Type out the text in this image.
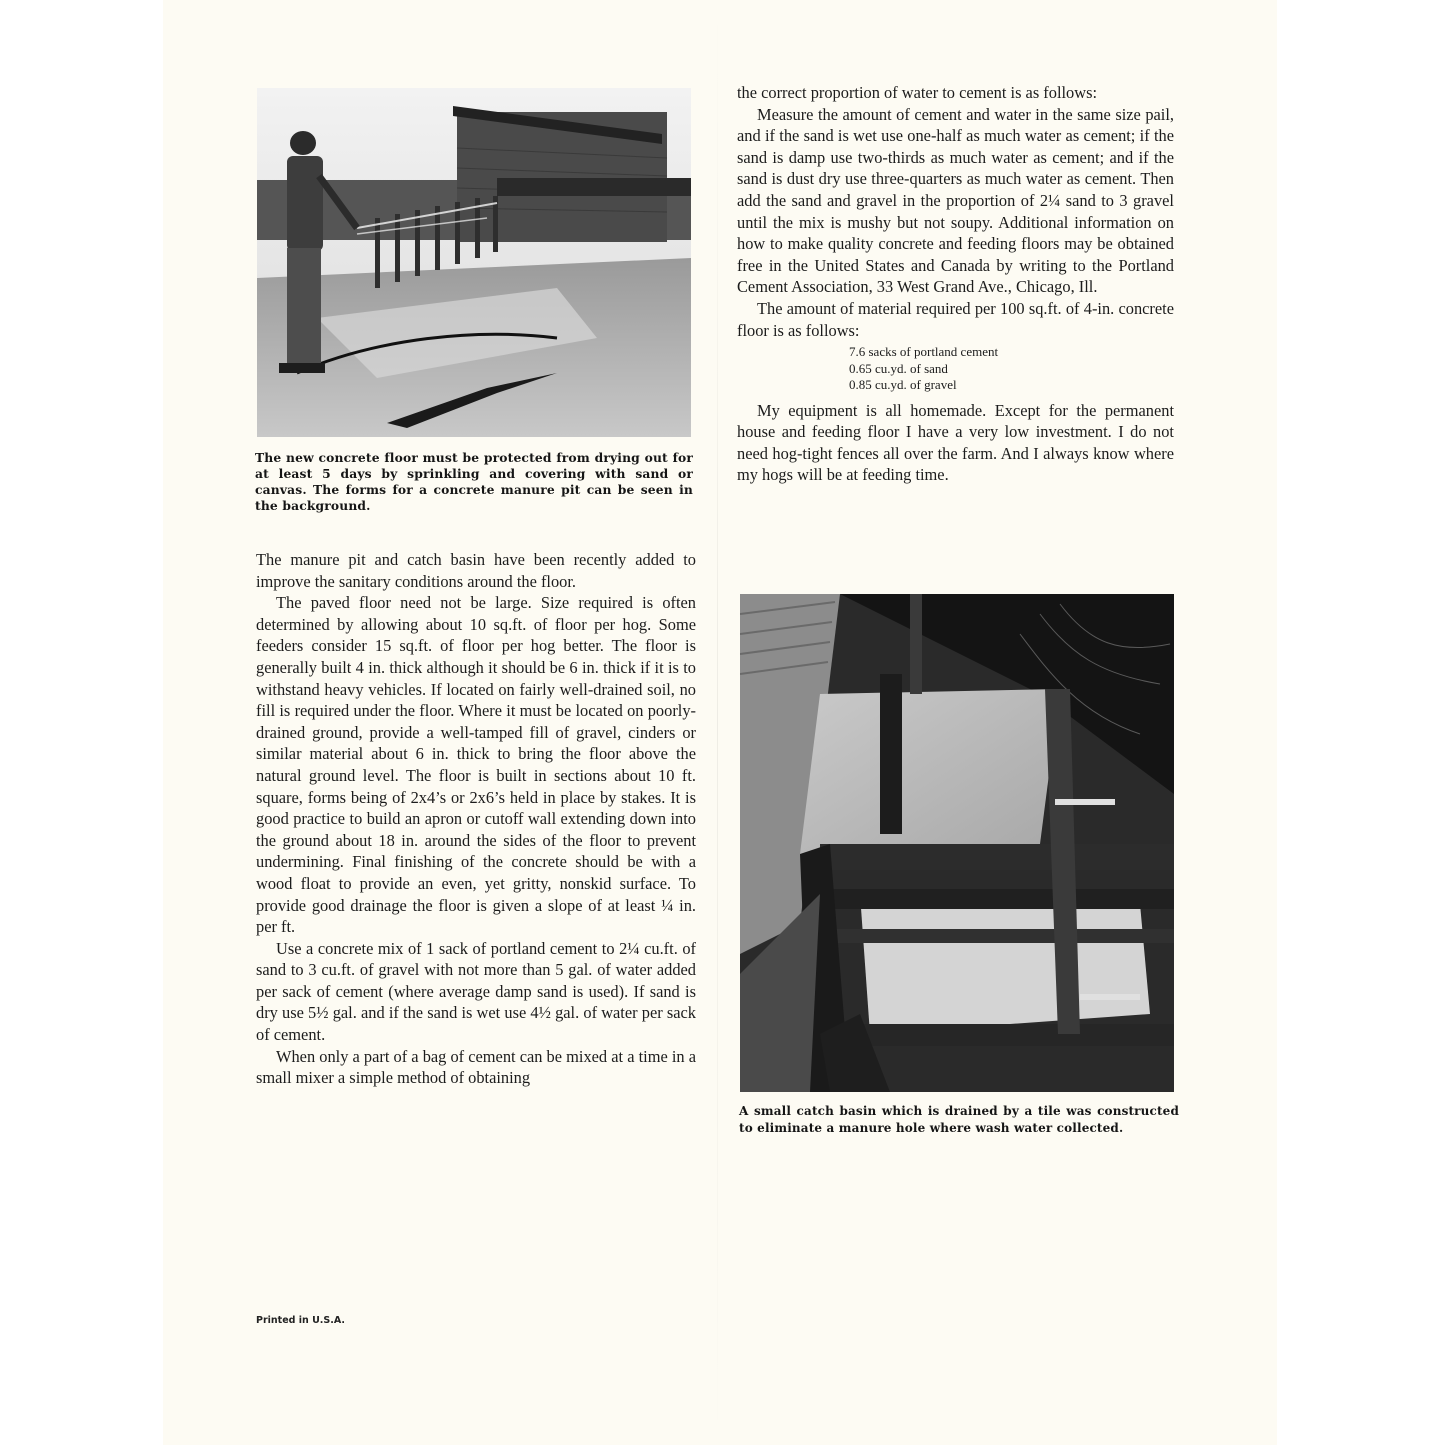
The new concrete floor must be protected from drying out for at least 5 days by sprinkling and covering with sand or canvas. The forms for a concrete manure pit can be seen in the background.

The manure pit and catch basin have been recently added to improve the sanitary conditions around the floor.

The paved floor need not be large. Size required is often determined by allowing about 10 sq.ft. of floor per hog. Some feeders consider 15 sq.ft. of floor per hog better. The floor is generally built 4 in. thick although it should be 6 in. thick if it is to withstand heavy vehicles. If located on fairly well-drained soil, no fill is required under the floor. Where it must be located on poorly-drained ground, provide a well-tamped fill of gravel, cinders or similar material about 6 in. thick to bring the floor above the natural ground level. The floor is built in sections about 10 ft. square, forms being of 2x4’s or 2x6’s held in place by stakes. It is good practice to build an apron or cutoff wall extending down into the ground about 18 in. around the sides of the floor to prevent undermining. Final finishing of the concrete should be with a wood float to provide an even, yet gritty, nonskid surface. To provide good drainage the floor is given a slope of at least ¼ in. per ft.

Use a concrete mix of 1 sack of portland cement to 2¼ cu.ft. of sand to 3 cu.ft. of gravel with not more than 5 gal. of water added per sack of cement (where average damp sand is used). If sand is dry use 5½ gal. and if the sand is wet use 4½ gal. of water per sack of cement.

When only a part of a bag of cement can be mixed at a time in a small mixer a simple method of obtaining

the correct proportion of water to cement is as follows:

Measure the amount of cement and water in the same size pail, and if the sand is wet use one-half as much water as cement; if the sand is damp use two-thirds as much water as cement; and if the sand is dust dry use three-quarters as much water as cement. Then add the sand and gravel in the proportion of 2¼ sand to 3 gravel until the mix is mushy but not soupy. Additional information on how to make quality concrete and feeding floors may be obtained free in the United States and Canada by writing to the Portland Cement Association, 33 West Grand Ave., Chicago, Ill.

The amount of material required per 100 sq.ft. of 4-in. concrete floor is as follows:

7.6 sacks of portland cement
0.65 cu.yd. of sand
0.85 cu.yd. of gravel

My equipment is all homemade. Except for the permanent house and feeding floor I have a very low investment. I do not need hog-tight fences all over the farm. And I always know where my hogs will be at feeding time.

A small catch basin which is drained by a tile was constructed to eliminate a manure hole where wash water collected.

Printed in U.S.A.
